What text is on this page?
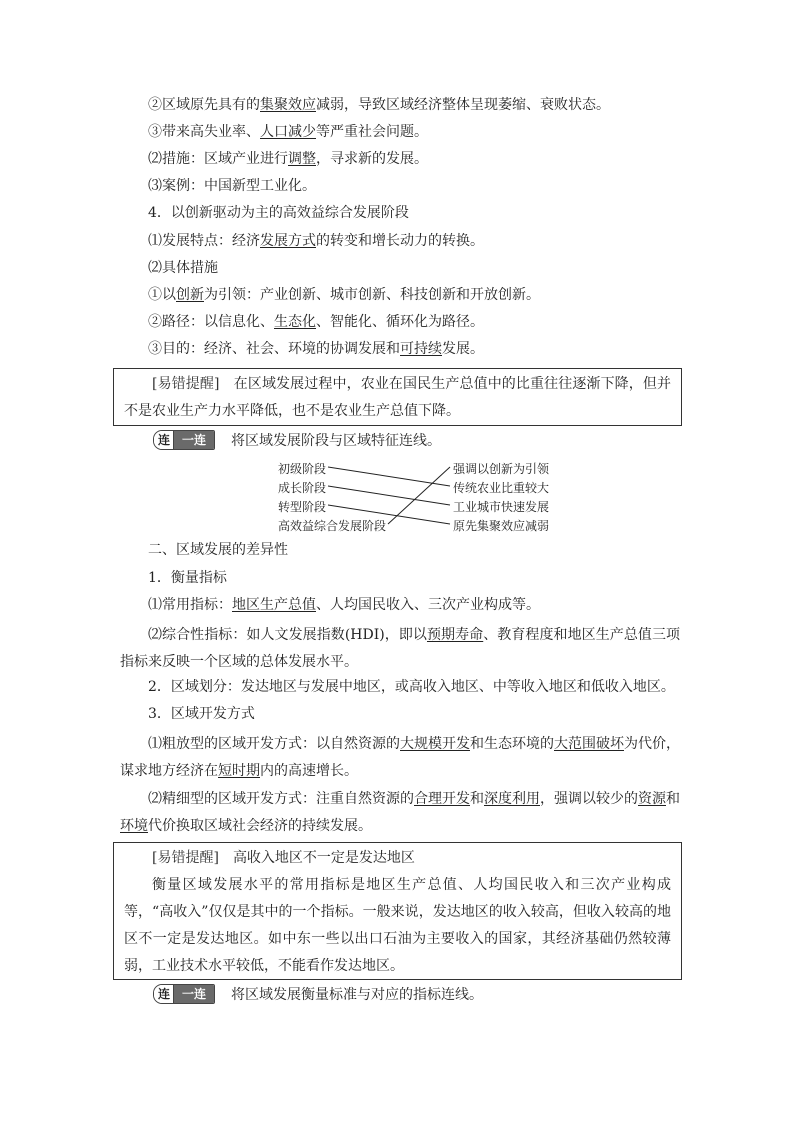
②区域原先具有的集聚效应减弱，导致区域经济整体呈现萎缩、衰败状态。
③带来高失业率、人口减少等严重社会问题。
⑵措施：区域产业进行调整，寻求新的发展。
⑶案例：中国新型工业化。
4．以创新驱动为主的高效益综合发展阶段
⑴发展特点：经济发展方式的转变和增长动力的转换。
⑵具体措施
①以创新为引领：产业创新、城市创新、科技创新和开放创新。
②路径：以信息化、生态化、智能化、循环化为路径。
③目的：经济、社会、环境的协调发展和可持续发展。
[易错提醒]　 在区域发展过程中，农业在国民生产总值中的比重往往逐渐下降，但并不是农业生产力水平降低，也不是农业生产总值下降。
连	一连	将区域发展阶段与区域特征连线。
初级阶段
成长阶段
转型阶段
高效益综合发展阶段
强调以创新为引领
传统农业比重较大
工业城市快速发展
原先集聚效应减弱
二、区域发展的差异性
1．衡量指标
⑴常用指标：地区生产总值、人均国民收入、三次产业构成等。
⑵综合性指标：如人文发展指数(HDI)，即以预期寿命、教育程度和地区生产总值三项指标来反映一个区域的总体发展水平。
2．区域划分：发达地区与发展中地区，或高收入地区、中等收入地区和低收入地区。
3．区域开发方式
⑴粗放型的区域开发方式：以自然资源的大规模开发和生态环境的大范围破坏为代价，谋求地方经济在短时期内的高速增长。
⑵精细型的区域开发方式：注重自然资源的合理开发和深度利用，强调以较少的资源和环境代价换取区域社会经济的持续发展。
[易错提醒]　 高收入地区不一定是发达地区
衡量区域发展水平的常用指标是地区生产总值、人均国民收入和三次产业构成等，“高收入”仅仅是其中的一个指标。一般来说，发达地区的收入较高，但收入较高的地区不一定是发达地区。如中东一些以出口石油为主要收入的国家，其经济基础仍然较薄弱，工业技术水平较低，不能看作发达地区。
连	一连	将区域发展衡量标准与对应的指标连线。
